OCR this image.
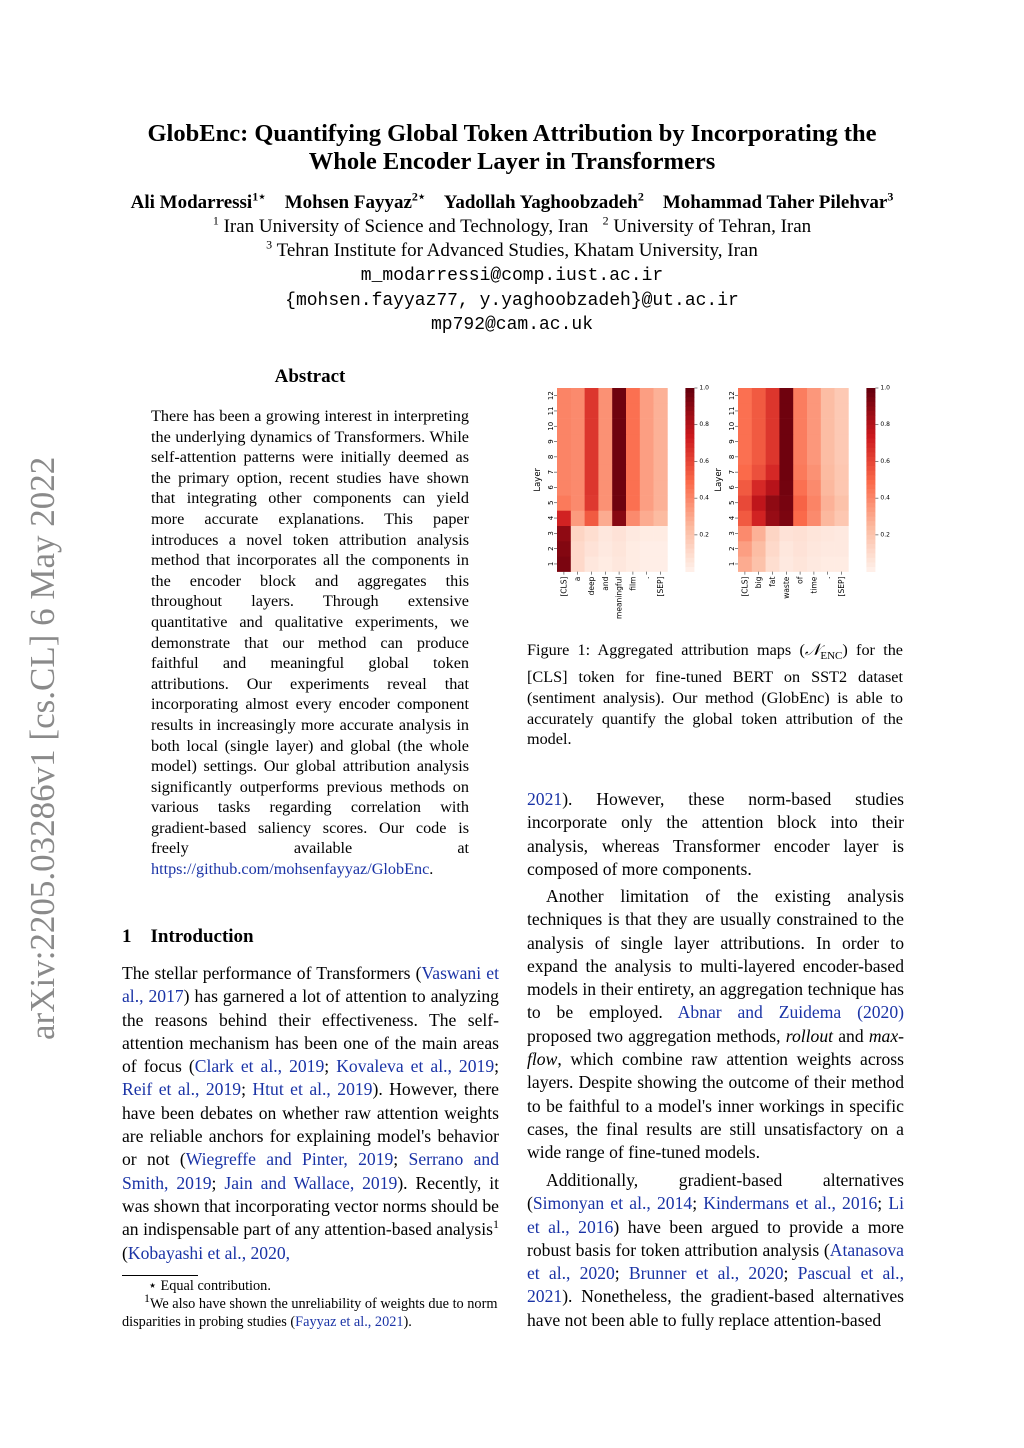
arXiv:2205.03286v1 [cs.CL] 6 May 2022
GlobEnc: Quantifying Global Token Attribution by Incorporating the
Whole Encoder Layer in Transformers
Ali Modarressi$^{1⋆}$ Mohsen Fayyaz$^{2⋆}$ Yadollah Yaghoobzadeh$^2$ Mohammad Taher Pilehvar$^3$
$^1$ Iran University of Science and Technology, Iran $^2$ University of Tehran, Iran
$^3$ Tehran Institute for Advanced Studies, Khatam University, Iran
m_modarressi@comp.iust.ac.ir
{mohsen.fayyaz77, y.yaghoobzadeh}@ut.ac.ir
mp792@cam.ac.uk
Abstract
There has been a growing interest in interpreting the underlying dynamics of Transformers. While self-attention patterns were initially deemed as the primary option, recent studies have shown that integrating other components can yield more accurate explanations. This paper introduces a novel token attribution analysis method that incorporates all the components in the encoder block and aggregates this throughout layers. Through extensive quantitative and qualitative experiments, we demonstrate that our method can produce faithful and meaningful global token attributions. Our experiments reveal that incorporating almost every encoder component results in increasingly more accurate analysis in both local (single layer) and global (the whole model) settings. Our global attribution analysis significantly outperforms previous methods on various tasks regarding correlation with gradient-based saliency scores. Our code is freely available at https://github.com/mohsenfayyaz/GlobEnc.
1 Introduction
The stellar performance of Transformers (Vaswani et al., 2017) has garnered a lot of attention to analyzing the reasons behind their effectiveness. The self-attention mechanism has been one of the main areas of focus (Clark et al., 2019; Kovaleva et al., 2019; Reif et al., 2019; Htut et al., 2019). However, there have been debates on whether raw attention weights are reliable anchors for explaining model's behavior or not (Wiegreffe and Pinter, 2019; Serrano and Smith, 2019; Jain and Wallace, 2019). Recently, it was shown that incorporating vector norms should be an indispensable part of any attention-based analysis$^1$ (Kobayashi et al., 2020,
⋆ Equal contribution.
$^1$We also have shown the unreliability of weights due to norm disparities in probing studies (Fayyaz et al., 2021).
1
2
3
4
5
6
7
8
9
10
11
12
Layer
[CLS] a deep and meaningful film . [SEP]
1.0
0.8
0.6
0.4
0.2
1
2
3
4
5
6
7
8
9
10
11
12
Layer
[CLS] big fat waste of time . [SEP]
1.0
0.8
0.6
0.4
0.2
Figure 1: Aggregated attribution maps (𝒩$_{ENC}$) for the [CLS] token for fine-tuned BERT on SST2 dataset (sentiment analysis). Our method (GlobEnc) is able to accurately quantify the global token attribution of the model.
2021). However, these norm-based studies incorporate only the attention block into their analysis, whereas Transformer encoder layer is composed of more components.
Another limitation of the existing analysis techniques is that they are usually constrained to the analysis of single layer attributions. In order to expand the analysis to multi-layered encoder-based models in their entirety, an aggregation technique has to be employed. Abnar and Zuidema (2020) proposed two aggregation methods, rollout and max-flow, which combine raw attention weights across layers. Despite showing the outcome of their method to be faithful to a model's inner workings in specific cases, the final results are still unsatisfactory on a wide range of fine-tuned models.
Additionally, gradient-based alternatives (Simonyan et al., 2014; Kindermans et al., 2016; Li et al., 2016) have been argued to provide a more robust basis for token attribution analysis (Atanasova et al., 2020; Brunner et al., 2020; Pascual et al., 2021). Nonetheless, the gradient-based alternatives have not been able to fully replace attention-based
